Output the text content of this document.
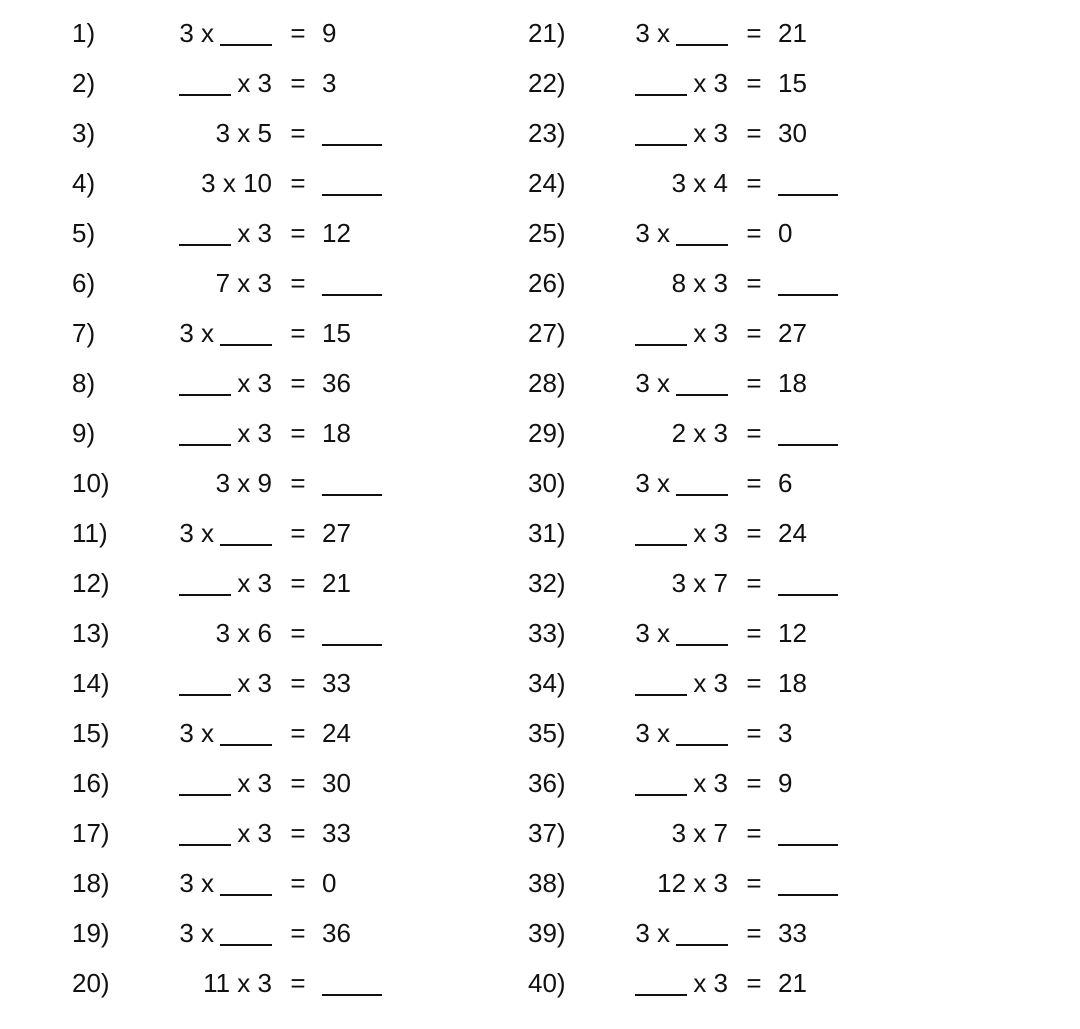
1)	3 x	= 9
2)	x 3 = 3
3)	3 x 5 =
4)	3 x 10 =
5)	x 3 = 12
6)	7 x 3 =
7)	3 x	= 15
8)	x 3 = 36
9)	x 3 = 18
10)	3 x 9 =
11)	3 x	= 27
12)	x 3 = 21
13)	3 x 6 =
14)	x 3 = 33
15)	3 x	= 24
16)	x 3 = 30
17)	x 3 = 33
18)	3 x	= 0
19)	3 x	= 36
20)	11 x 3 =
21)	3 x	= 21
22)	x 3 = 15
23)	x 3 = 30
24)	3 x 4 =
25)	3 x	= 0
26)	8 x 3 =
27)	x 3 = 27
28)	3 x	= 18
29)	2 x 3 =
30)	3 x	= 6
31)	x 3 = 24
32)	3 x 7 =
33)	3 x	= 12
34)	x 3 = 18
35)	3 x	= 3
36)	x 3 = 9
37)	3 x 7 =
38)	12 x 3 =
39)	3 x	= 33
40)	x 3 = 21
